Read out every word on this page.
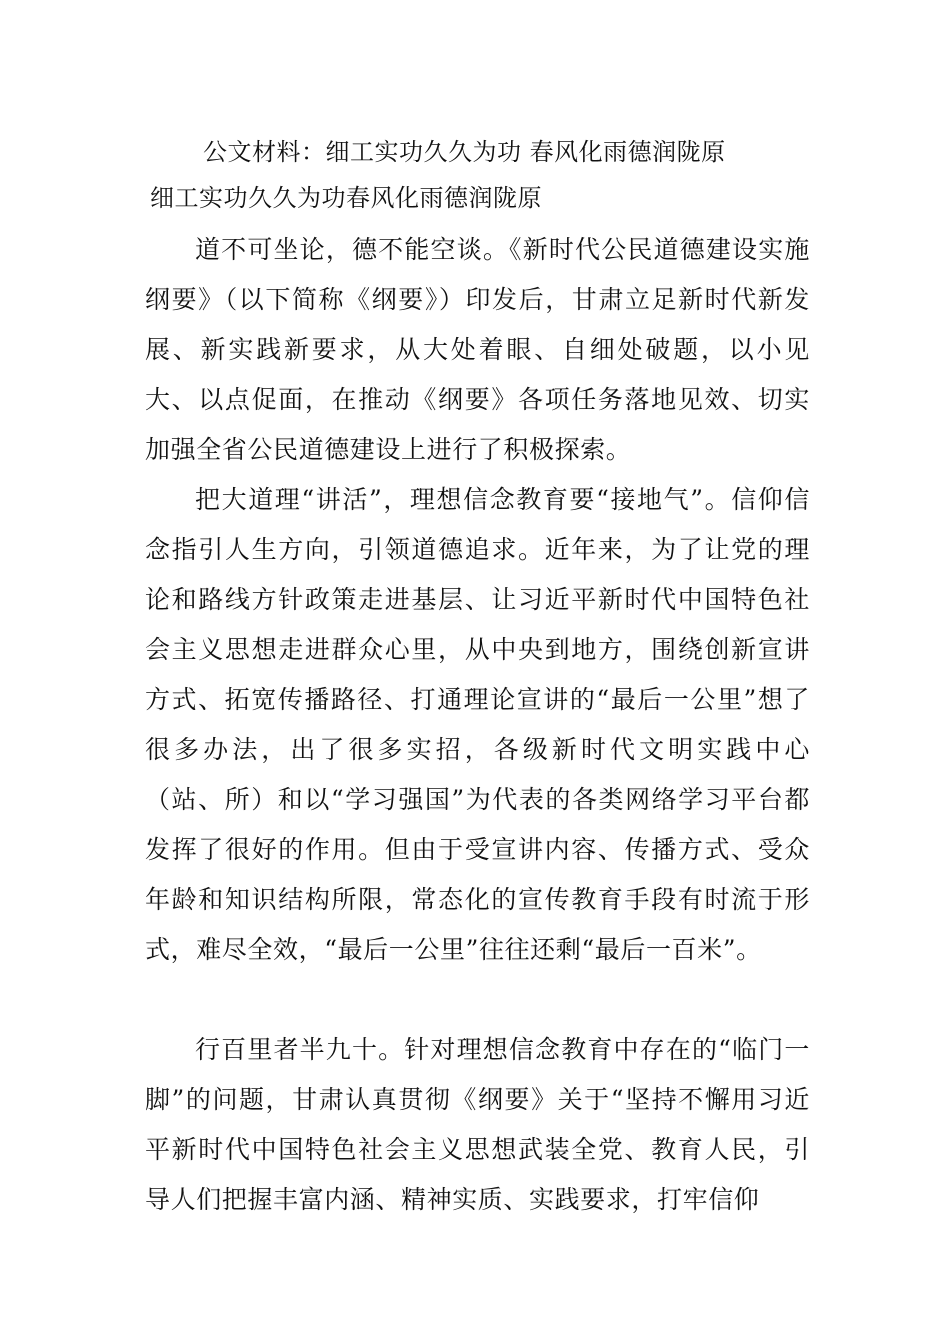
公文材料：细工实功久久为功 春风化雨德润陇原
细工实功久久为功春风化雨德润陇原

道不可坐论，德不能空谈。《新时代公民道德建设实施纲要》（以下简称《纲要》）印发后，甘肃立足新时代新发展、新实践新要求，从大处着眼、自细处破题，以小见大、以点促面，在推动《纲要》各项任务落地见效、切实加强全省公民道德建设上进行了积极探索。

把大道理“讲活”，理想信念教育要“接地气”。信仰信念指引人生方向，引领道德追求。近年来，为了让党的理论和路线方针政策走进基层、让习近平新时代中国特色社会主义思想走进群众心里，从中央到地方，围绕创新宣讲方式、拓宽传播路径、打通理论宣讲的“最后一公里”想了很多办法，出了很多实招，各级新时代文明实践中心（站、所）和以“学习强国”为代表的各类网络学习平台都发挥了很好的作用。但由于受宣讲内容、传播方式、受众年龄和知识结构所限，常态化的宣传教育手段有时流于形式，难尽全效，“最后一公里”往往还剩“最后一百米”。

行百里者半九十。针对理想信念教育中存在的“临门一脚”的问题，甘肃认真贯彻《纲要》关于“坚持不懈用习近平新时代中国特色社会主义思想武装全党、教育人民，引导人们把握丰富内涵、精神实质、实践要求，打牢信仰
